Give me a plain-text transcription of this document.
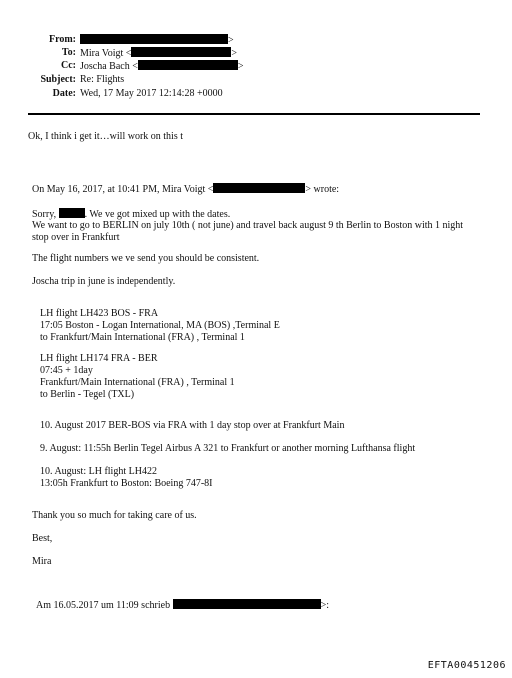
From:	>
To: Mira Voigt <	>
Cc: Joscha Bach <	>
Subject: Re: Flights
Date: Wed, 17 May 2017 12:14:28 +0000
Ok, I think i get it…will work on this t
On May 16, 2017, at 10:41 PM, Mira Voigt <	> wrote:
Sorry,	. We ve got mixed up with the dates.
We want to go to BERLIN on july 10th ( not june) and travel back august 9 th Berlin to Boston with 1 night
stop over in Frankfurt
The flight numbers we ve send you should be consistent.
Joscha trip in june is independently.
LH flight LH423 BOS - FRA
17:05 Boston - Logan International, MA (BOS) ,Terminal E
to Frankfurt/Main International (FRA) , Terminal 1
LH flight LH174 FRA - BER
07:45 + 1day
Frankfurt/Main International (FRA) , Terminal 1
to Berlin - Tegel (TXL)
10. August 2017 BER-BOS via FRA with 1 day stop over at Frankfurt Main
9. August: 11:55h Berlin Tegel Airbus A 321 to Frankfurt or another morning Lufthansa flight
10. August: LH flight LH422
13:05h Frankfurt to Boston: Boeing 747-8I
Thank you so much for taking care of us.
Best,
Mira
Am 16.05.2017 um 11:09 schrieb	>:
EFTA00451206
